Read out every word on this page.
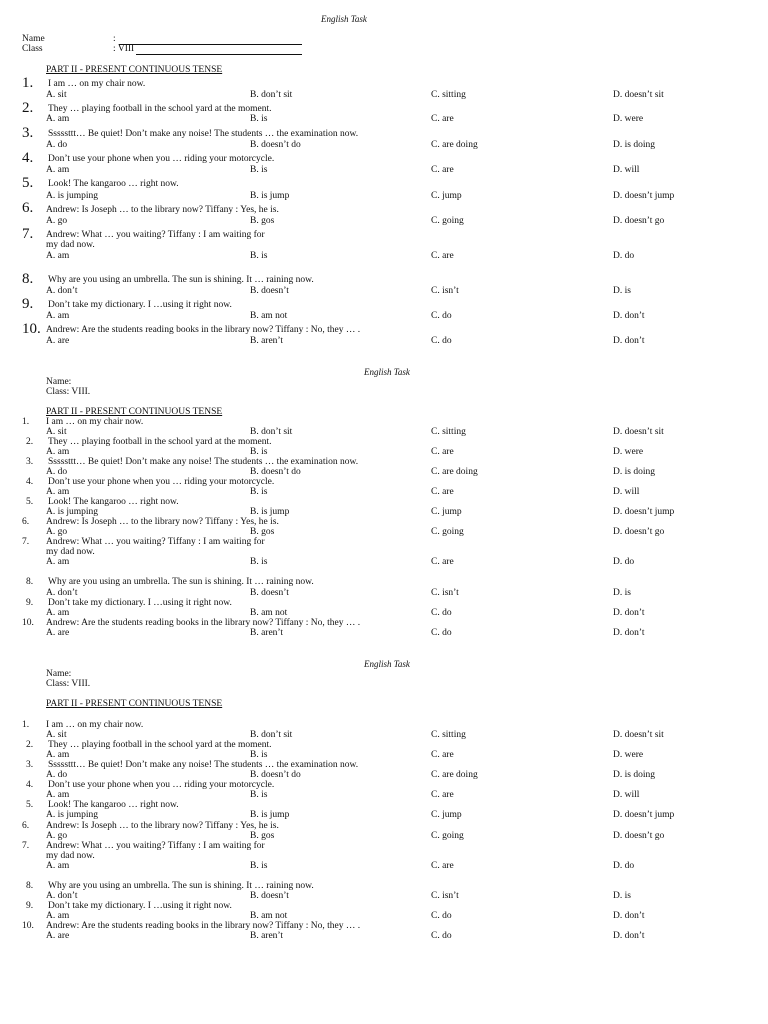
English Task
Name	:
Class	: VIII
PART II - PRESENT CONTINUOUS TENSE
1. I am … on my chair now.
A. sit	B. don’t sit	C. sitting	D. doesn’t sit
2. They … playing football in the school yard at the moment.
A. am	B. is	C. are	D. were
3. Sssssttt… Be quiet! Don’t make any noise! The students … the examination now.
A. do	B. doesn’t do	C. are doing	D. is doing
4. Don’t use your phone when you … riding your motorcycle.
A. am	B. is	C. are	D. will
5. Look! The kangaroo … right now.
A. is jumping	B. is jump	C. jump	D. doesn’t jump
6. Andrew: Is Joseph … to the library now? Tiffany : Yes, he is.
A. go	B. gos	C. going	D. doesn’t go
7. Andrew: What … you waiting? Tiffany : I am waiting for
my dad now.
A. am	B. is	C. are	D. do
8. Why are you using an umbrella. The sun is shining. It … raining now.
A. don’t	B. doesn’t	C. isn’t	D. is
9. Don’t take my dictionary. I …using it right now.
A. am	B. am not	C. do	D. don’t
10. Andrew: Are the students reading books in the library now? Tiffany : No, they … .
A. are	B. aren’t	C. do	D. don’t
English Task
Name:
Class: VIII.
PART II - PRESENT CONTINUOUS TENSE
1. I am … on my chair now.
A. sit	B. don’t sit	C. sitting	D. doesn’t sit
2. They … playing football in the school yard at the moment.
A. am	B. is	C. are	D. were
3. Sssssttt… Be quiet! Don’t make any noise! The students … the examination now.
A. do	B. doesn’t do	C. are doing	D. is doing
4. Don’t use your phone when you … riding your motorcycle.
A. am	B. is	C. are	D. will
5. Look! The kangaroo … right now.
A. is jumping	B. is jump	C. jump	D. doesn’t jump
6. Andrew: Is Joseph … to the library now? Tiffany : Yes, he is.
A. go	B. gos	C. going	D. doesn’t go
7. Andrew: What … you waiting? Tiffany : I am waiting for
my dad now.
A. am	B. is	C. are	D. do
8. Why are you using an umbrella. The sun is shining. It … raining now.
A. don’t	B. doesn’t	C. isn’t	D. is
9. Don’t take my dictionary. I …using it right now.
A. am	B. am not	C. do	D. don’t
10. Andrew: Are the students reading books in the library now? Tiffany : No, they … .
A. are	B. aren’t	C. do	D. don’t
English Task
Name:
Class: VIII.
PART II - PRESENT CONTINUOUS TENSE
1. I am … on my chair now.
A. sit	B. don’t sit	C. sitting	D. doesn’t sit
2. They … playing football in the school yard at the moment.
A. am	B. is	C. are	D. were
3. Sssssttt… Be quiet! Don’t make any noise! The students … the examination now.
A. do	B. doesn’t do	C. are doing	D. is doing
4. Don’t use your phone when you … riding your motorcycle.
A. am	B. is	C. are	D. will
5. Look! The kangaroo … right now.
A. is jumping	B. is jump	C. jump	D. doesn’t jump
6. Andrew: Is Joseph … to the library now? Tiffany : Yes, he is.
A. go	B. gos	C. going	D. doesn’t go
7. Andrew: What … you waiting? Tiffany : I am waiting for
my dad now.
A. am	B. is	C. are	D. do
8. Why are you using an umbrella. The sun is shining. It … raining now.
A. don’t	B. doesn’t	C. isn’t	D. is
9. Don’t take my dictionary. I …using it right now.
A. am	B. am not	C. do	D. don’t
10. Andrew: Are the students reading books in the library now? Tiffany : No, they … .
A. are	B. aren’t	C. do	D. don’t
